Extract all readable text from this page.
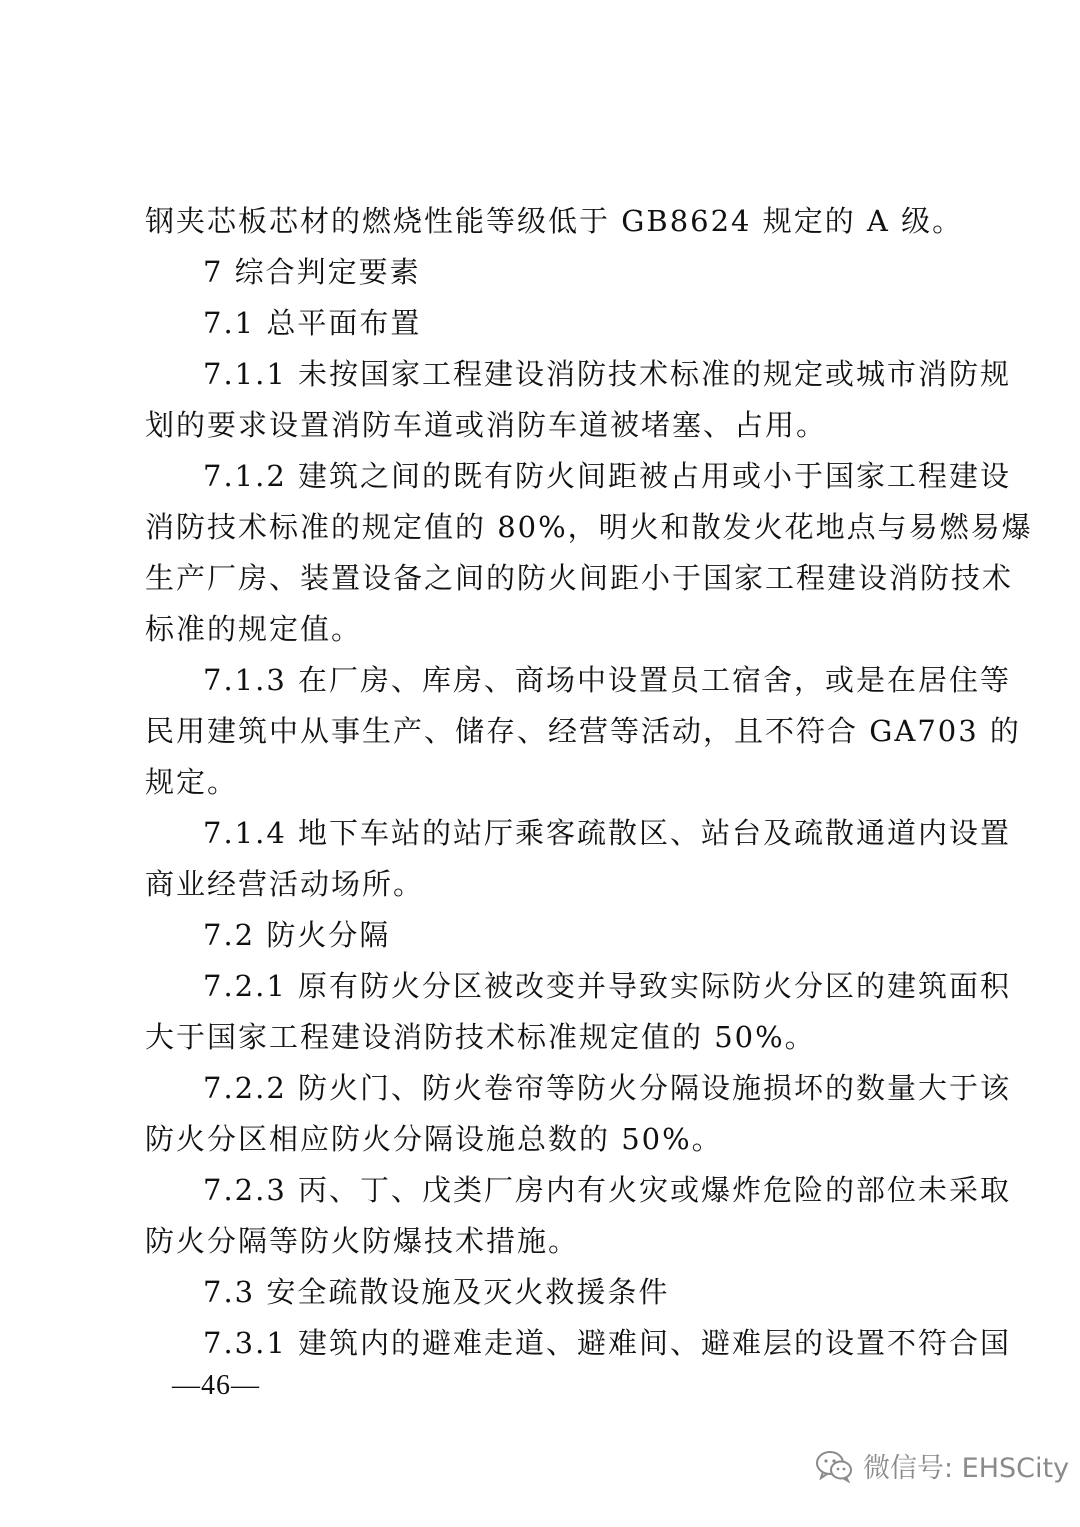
钢夹芯板芯材的燃烧性能等级低于 GB8624 规定的 A 级。
7 综合判定要素
7.1 总平面布置
7.1.1 未按国家工程建设消防技术标准的规定或城市消防规
划的要求设置消防车道或消防车道被堵塞、占用。
7.1.2 建筑之间的既有防火间距被占用或小于国家工程建设
消防技术标准的规定值的 80%，明火和散发火花地点与易燃易爆
生产厂房、装置设备之间的防火间距小于国家工程建设消防技术
标准的规定值。
7.1.3 在厂房、库房、商场中设置员工宿舍，或是在居住等
民用建筑中从事生产、储存、经营等活动，且不符合 GA703 的
规定。
7.1.4 地下车站的站厅乘客疏散区、站台及疏散通道内设置
商业经营活动场所。
7.2 防火分隔
7.2.1 原有防火分区被改变并导致实际防火分区的建筑面积
大于国家工程建设消防技术标准规定值的 50%。
7.2.2 防火门、防火卷帘等防火分隔设施损坏的数量大于该
防火分区相应防火分隔设施总数的 50%。
7.2.3 丙、丁、戊类厂房内有火灾或爆炸危险的部位未采取
防火分隔等防火防爆技术措施。
7.3 安全疏散设施及灭火救援条件
7.3.1 建筑内的避难走道、避难间、避难层的设置不符合国
—46—
微信号: EHSCity
